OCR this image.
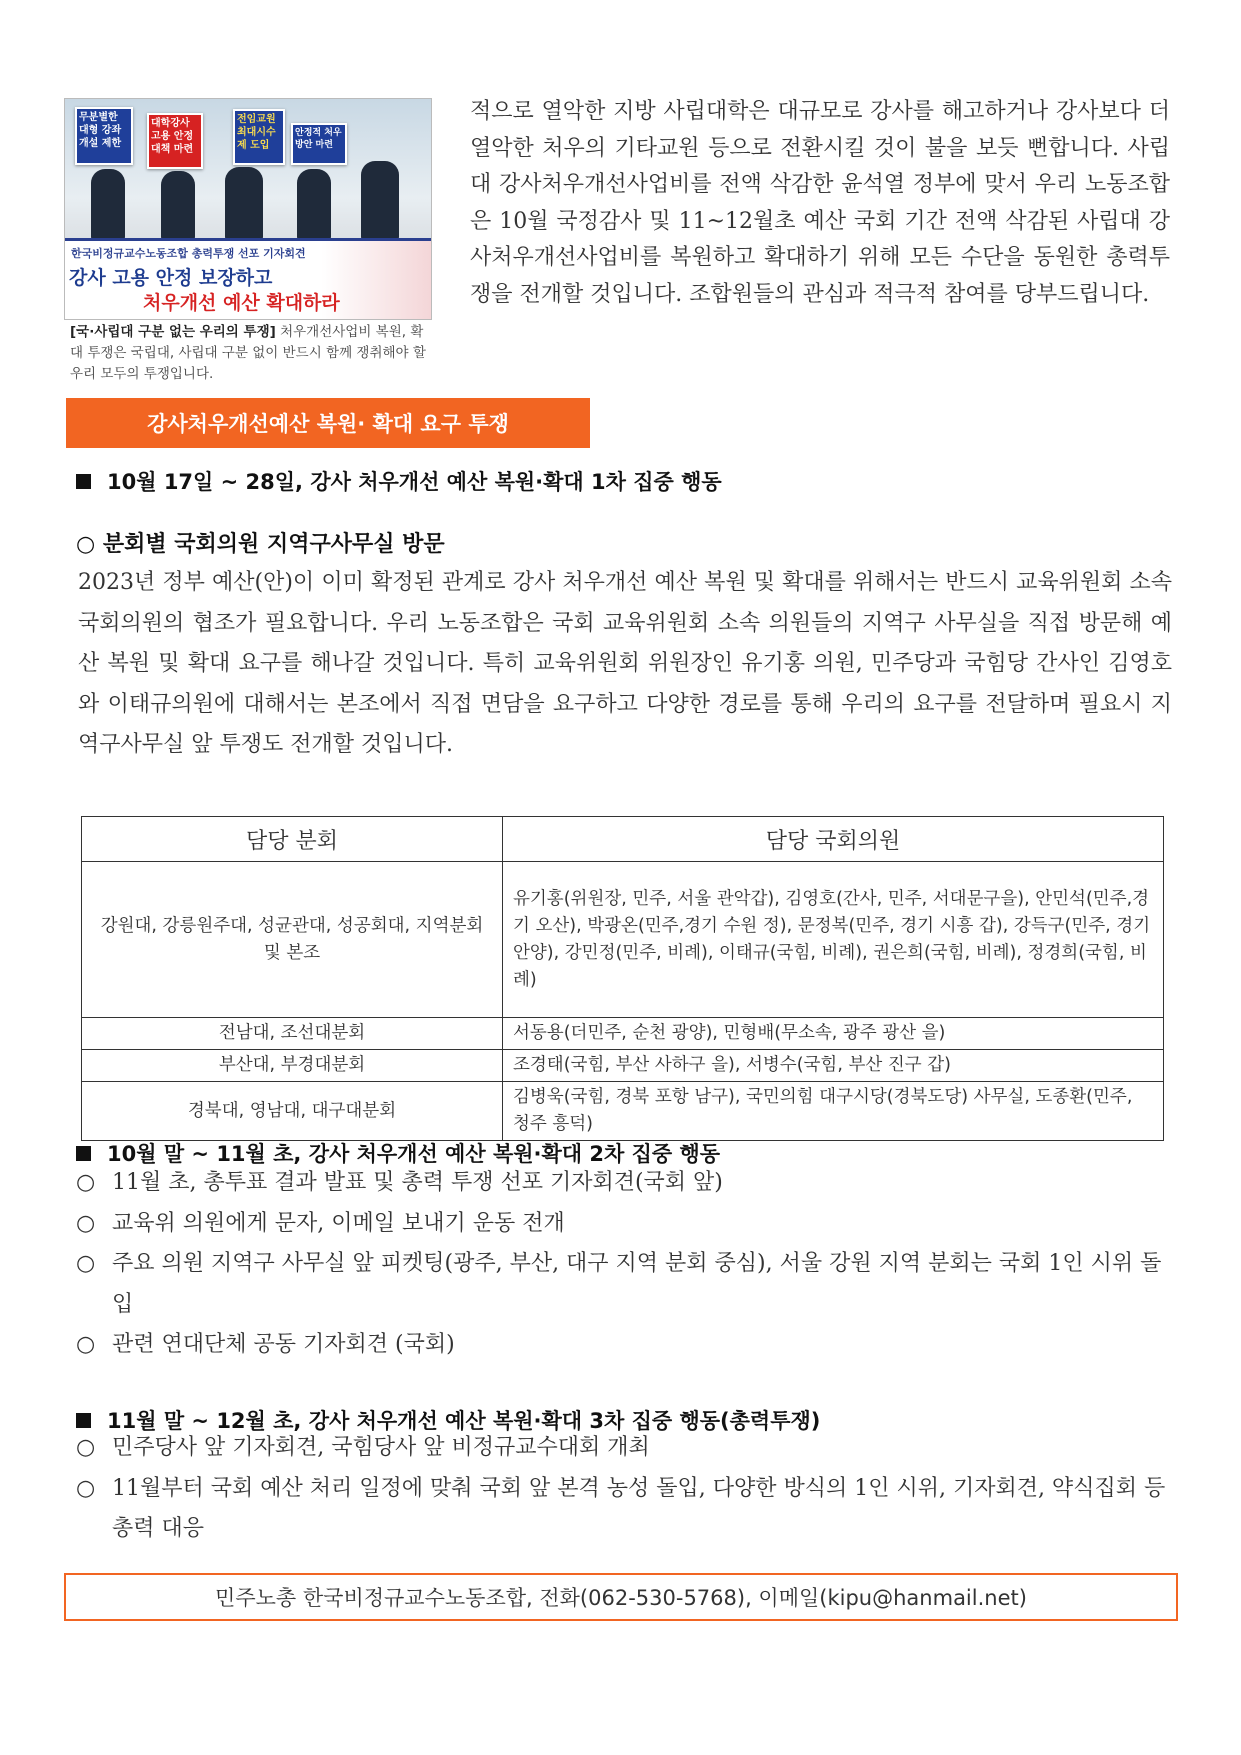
무분별한 대형 강좌 개설 제한
대학강사 고용 안정 대책 마련
전임교원 최대시수제 도입
안정적 처우 방안 마련
한국비정규교수노동조합 총력투쟁 선포 기자회견
강사 고용 안정 보장하고
처우개선 예산 확대하라
[국·사립대 구분 없는 우리의 투쟁] 처우개선사업비 복원, 확대 투쟁은 국립대, 사립대 구분 없이 반드시 함께 쟁취해야 할 우리 모두의 투쟁입니다.
적으로 열악한 지방 사립대학은 대규모로 강사를 해고하거나 강사보다 더 열악한 처우의 기타교원 등으로 전환시킬 것이 불을 보듯 뻔합니다. 사립대 강사처우개선사업비를 전액 삭감한 윤석열 정부에 맞서 우리 노동조합은 10월 국정감사 및 11~12월초 예산 국회 기간 전액 삭감된 사립대 강사처우개선사업비를 복원하고 확대하기 위해 모든 수단을 동원한 총력투쟁을 전개할 것입니다. 조합원들의 관심과 적극적 참여를 당부드립니다.
강사처우개선예산 복원· 확대 요구 투쟁
10월 17일 ~ 28일, 강사 처우개선 예산 복원·확대 1차 집중 행동
○ 분회별 국회의원 지역구사무실 방문
2023년 정부 예산(안)이 이미 확정된 관계로 강사 처우개선 예산 복원 및 확대를 위해서는 반드시 교육위원회 소속 국회의원의 협조가 필요합니다. 우리 노동조합은 국회 교육위원회 소속 의원들의 지역구 사무실을 직접 방문해 예산 복원 및 확대 요구를 해나갈 것입니다. 특히 교육위원회 위원장인 유기홍 의원, 민주당과 국힘당 간사인 김영호와 이태규의원에 대해서는 본조에서 직접 면담을 요구하고 다양한 경로를 통해 우리의 요구를 전달하며 필요시 지역구사무실 앞 투쟁도 전개할 것입니다.
담당 분회	담당 국회의원
강원대, 강릉원주대, 성균관대, 성공회대, 지역분회 및 본조	유기홍(위원장, 민주, 서울 관악갑), 김영호(간사, 민주, 서대문구을), 안민석(민주,경기 오산), 박광온(민주,경기 수원 정), 문정복(민주, 경기 시흥 갑), 강득구(민주, 경기 안양), 강민정(민주, 비례), 이태규(국힘, 비례), 권은희(국힘, 비례), 정경희(국힘, 비례)
전남대, 조선대분회	서동용(더민주, 순천 광양), 민형배(무소속, 광주 광산 을)
부산대, 부경대분회	조경태(국힘, 부산 사하구 을), 서병수(국힘, 부산 진구 갑)
경북대, 영남대, 대구대분회	김병욱(국힘, 경북 포항 남구), 국민의힘 대구시당(경북도당) 사무실, 도종환(민주, 청주 흥덕)
10월 말 ~ 11월 초, 강사 처우개선 예산 복원·확대 2차 집중 행동
○ 11월 초, 총투표 결과 발표 및 총력 투쟁 선포 기자회견(국회 앞)
○ 교육위 의원에게 문자, 이메일 보내기 운동 전개
○ 주요 의원 지역구 사무실 앞 피켓팅(광주, 부산, 대구 지역 분회 중심), 서울 강원 지역 분회는 국회 1인 시위 돌입
○ 관련 연대단체 공동 기자회견 (국회)
11월 말 ~ 12월 초, 강사 처우개선 예산 복원·확대 3차 집중 행동(총력투쟁)
○ 민주당사 앞 기자회견, 국힘당사 앞 비정규교수대회 개최
○ 11월부터 국회 예산 처리 일정에 맞춰 국회 앞 본격 농성 돌입, 다양한 방식의 1인 시위, 기자회견, 약식집회 등 총력 대응
민주노총 한국비정규교수노동조합, 전화(062-530-5768), 이메일(kipu@hanmail.net)
